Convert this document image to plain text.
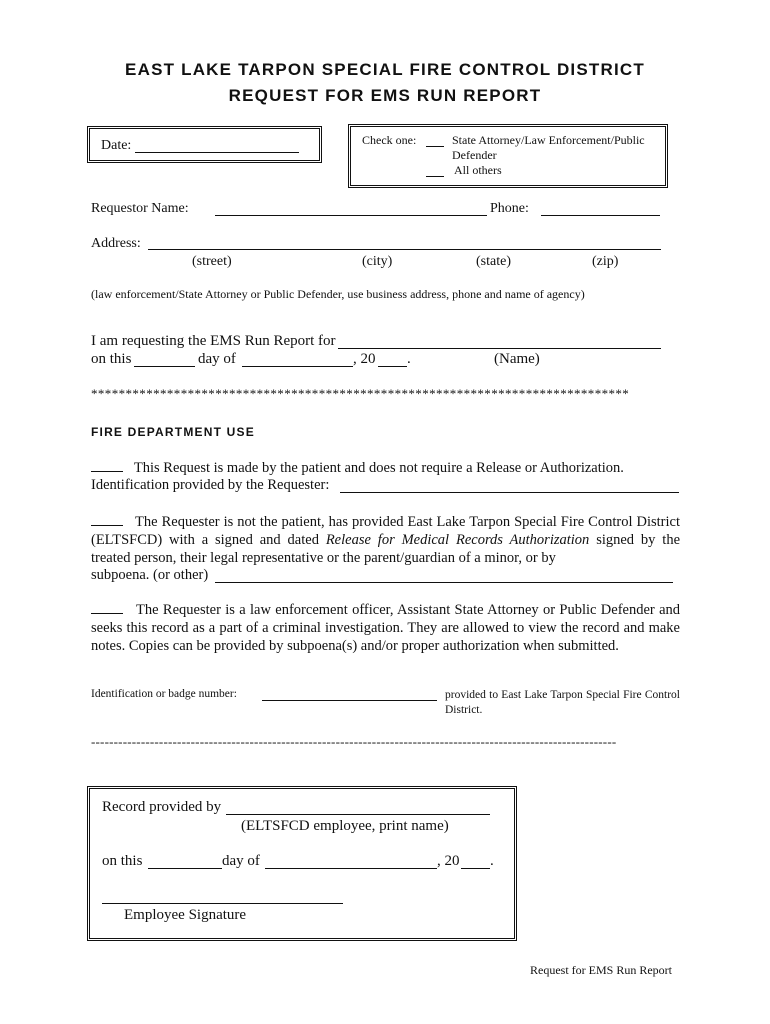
EAST LAKE TARPON SPECIAL FIRE CONTROL DISTRICT
REQUEST FOR EMS RUN REPORT
Date:	Check one:	State Attorney/Law Enforcement/Public
Defender
All others
Requestor Name:	Phone:
Address:
(street)	(city)	(state)	(zip)
(law enforcement/State Attorney or Public Defender, use business address, phone and name of agency)
I am requesting the EMS Run Report for
on this	day of	, 20 .	(Name)
******************************************************************************
FIRE DEPARTMENT USE
This Request is made by the patient and does not require a Release or Authorization.
Identification provided by the Requester:
The Requester is not the patient, has provided East Lake Tarpon Special Fire Control District (ELTSFCD) with a signed and dated Release for Medical Records Authorization signed by the treated person, their legal representative or the parent/guardian of a minor, or by
subpoena. (or other)
The Requester is a law enforcement officer, Assistant State Attorney or Public Defender and seeks this record as a part of a criminal investigation. They are allowed to view the record and make notes. Copies can be provided by subpoena(s) and/or proper authorization when submitted.
Identification or badge number:	provided to East Lake Tarpon Special Fire Control District.
--------------------------------------------------------------------------------------------------------------------
Record provided by
(ELTSFCD employee, print name)
on this	day of	, 20 .
Employee Signature
Request for EMS Run Report
